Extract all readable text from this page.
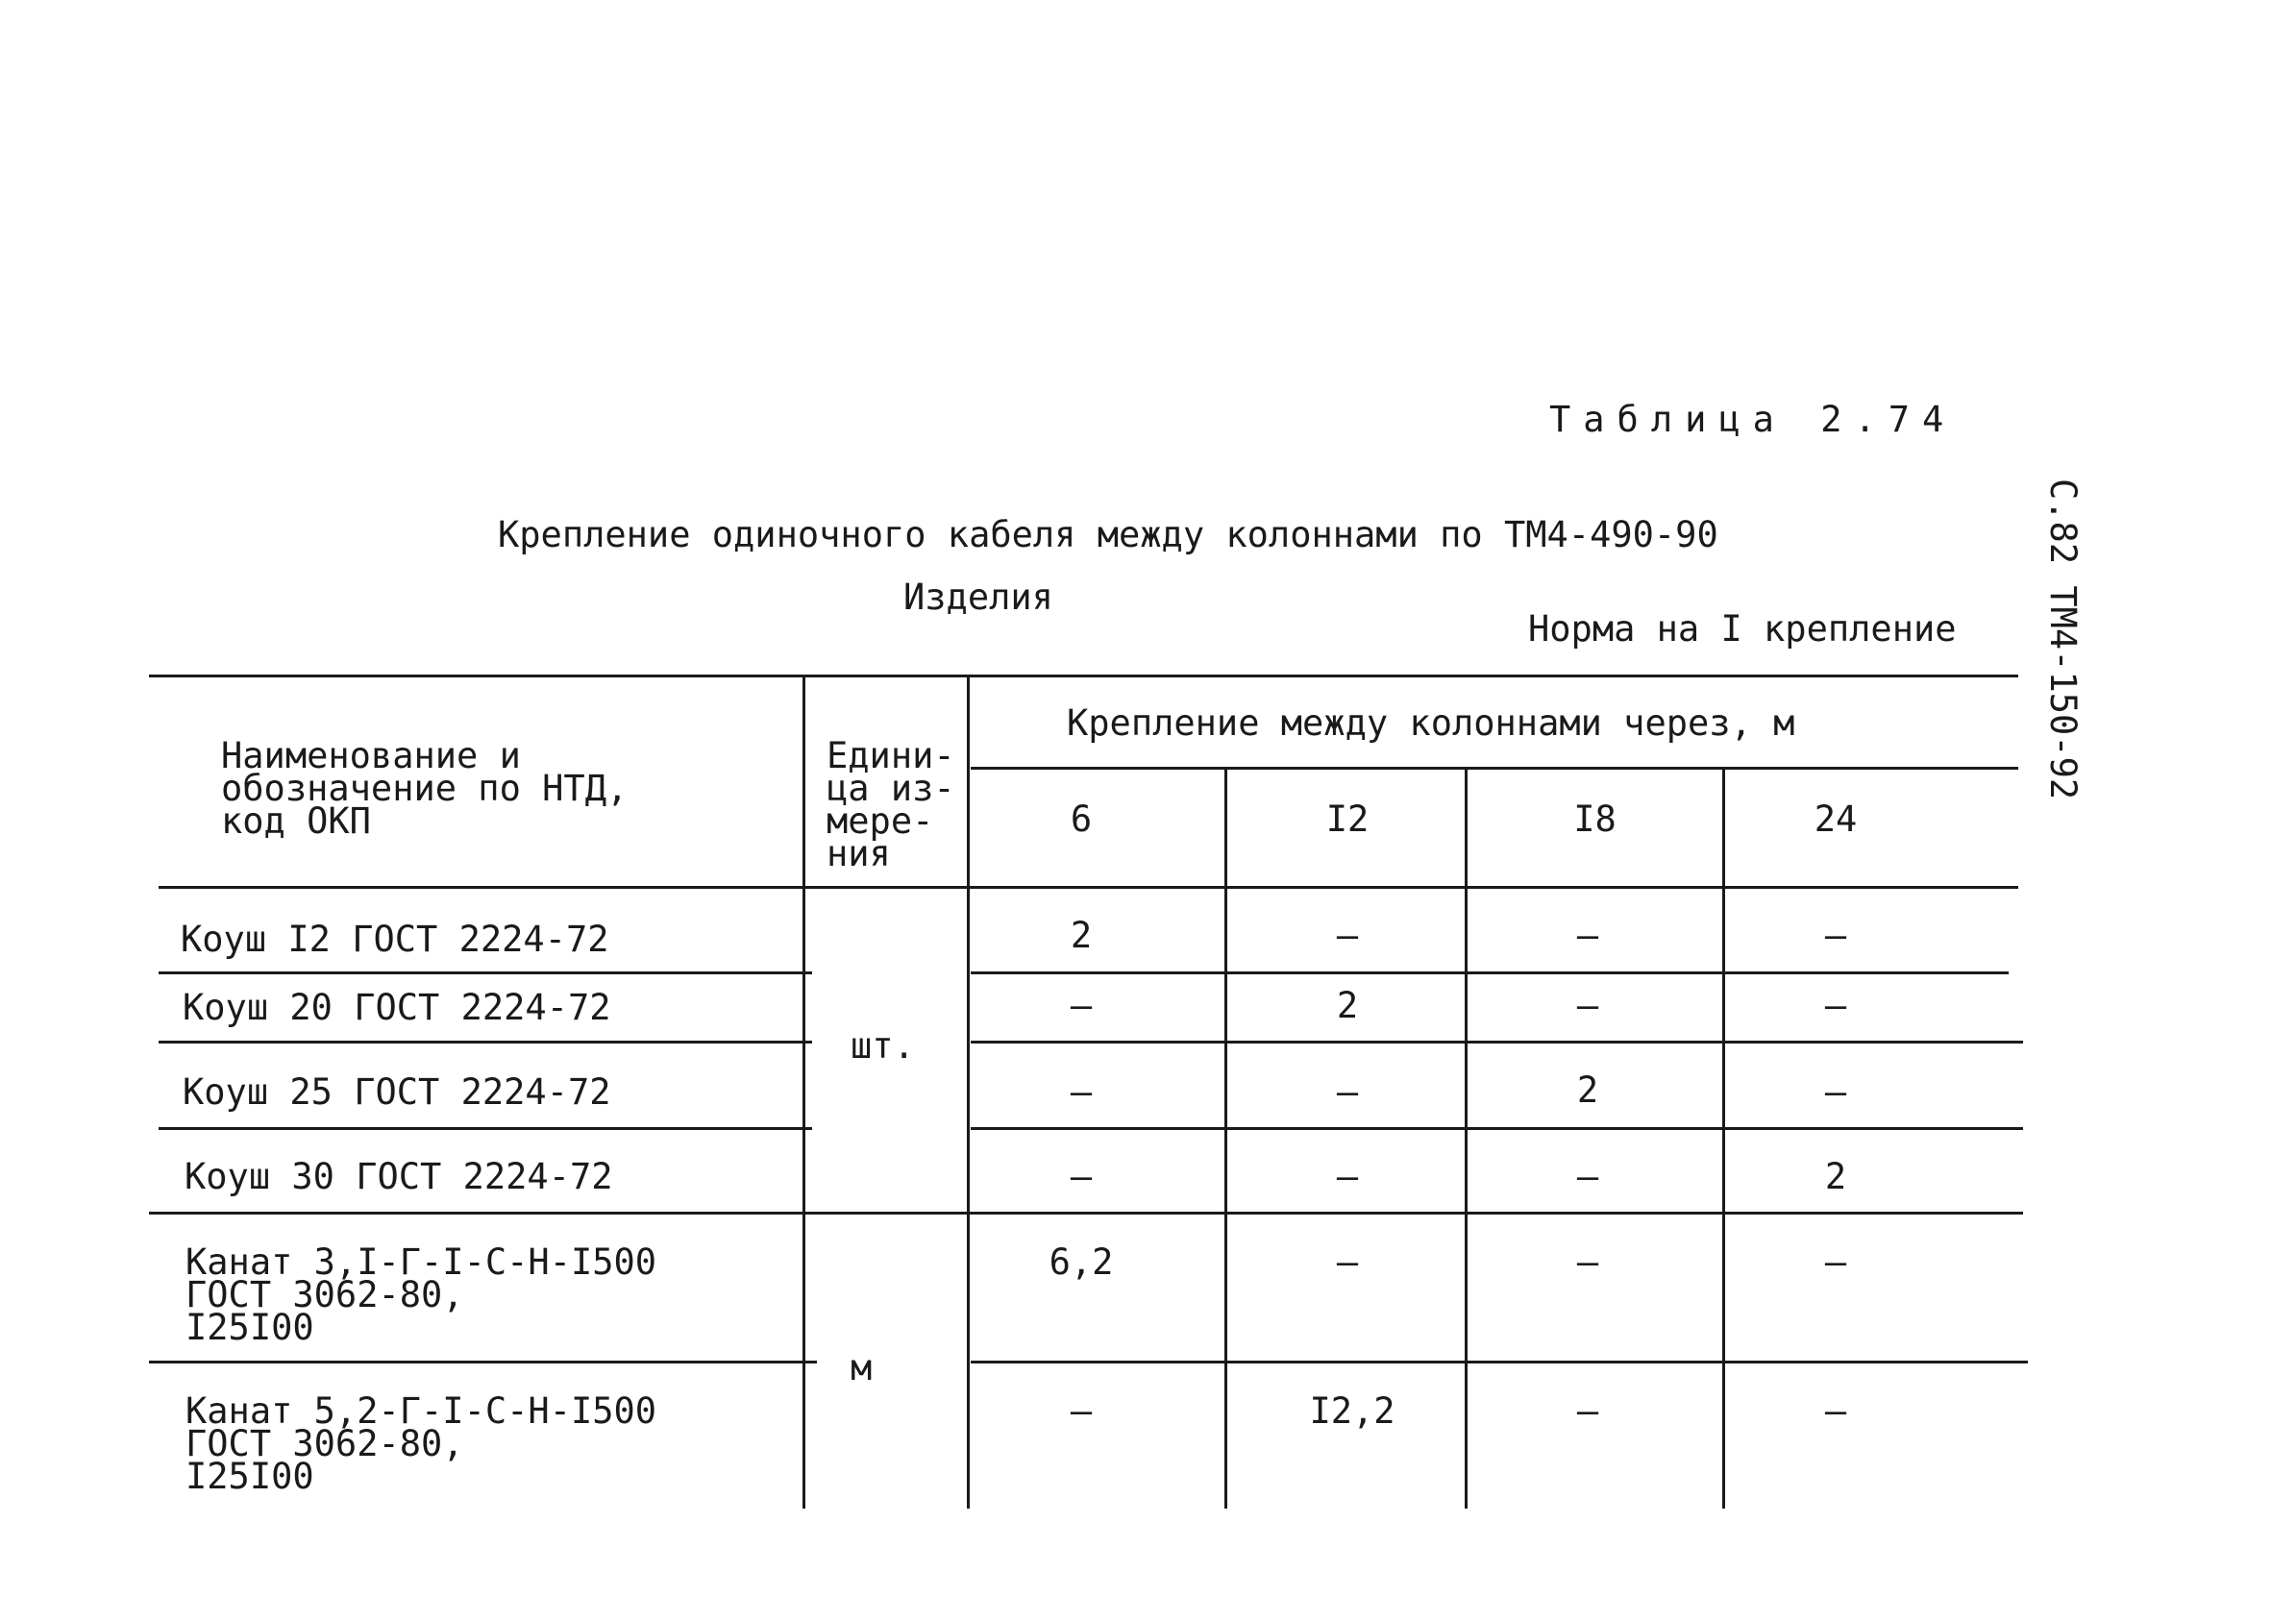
Таблица 2.74
С.82 ТМ4-150-92
Крепление одиночного кабеля между колоннами по ТМ4-490-90
Изделия
Норма на I крепление
Наименование и
обозначение по НТД,
код ОКП
Едини-
ца из-
мере-
ния
Крепление между колоннами через, м
6	I2	I8	24
Коуш I2 ГОСТ 2224-72	2	–	–	–
Коуш 20 ГОСТ 2224-72	–	2	–	–
Коуш 25 ГОСТ 2224-72	–	–	2	–
Коуш 30 ГОСТ 2224-72	–	–	–	2
шт.
м
Канат 3,I-Г-I-С-Н-I500
ГОСТ 3062-80,
I25I00
6,2	–	–	–
Канат 5,2-Г-I-С-Н-I500
ГОСТ 3062-80,
I25I00
–	I2,2	–	–
